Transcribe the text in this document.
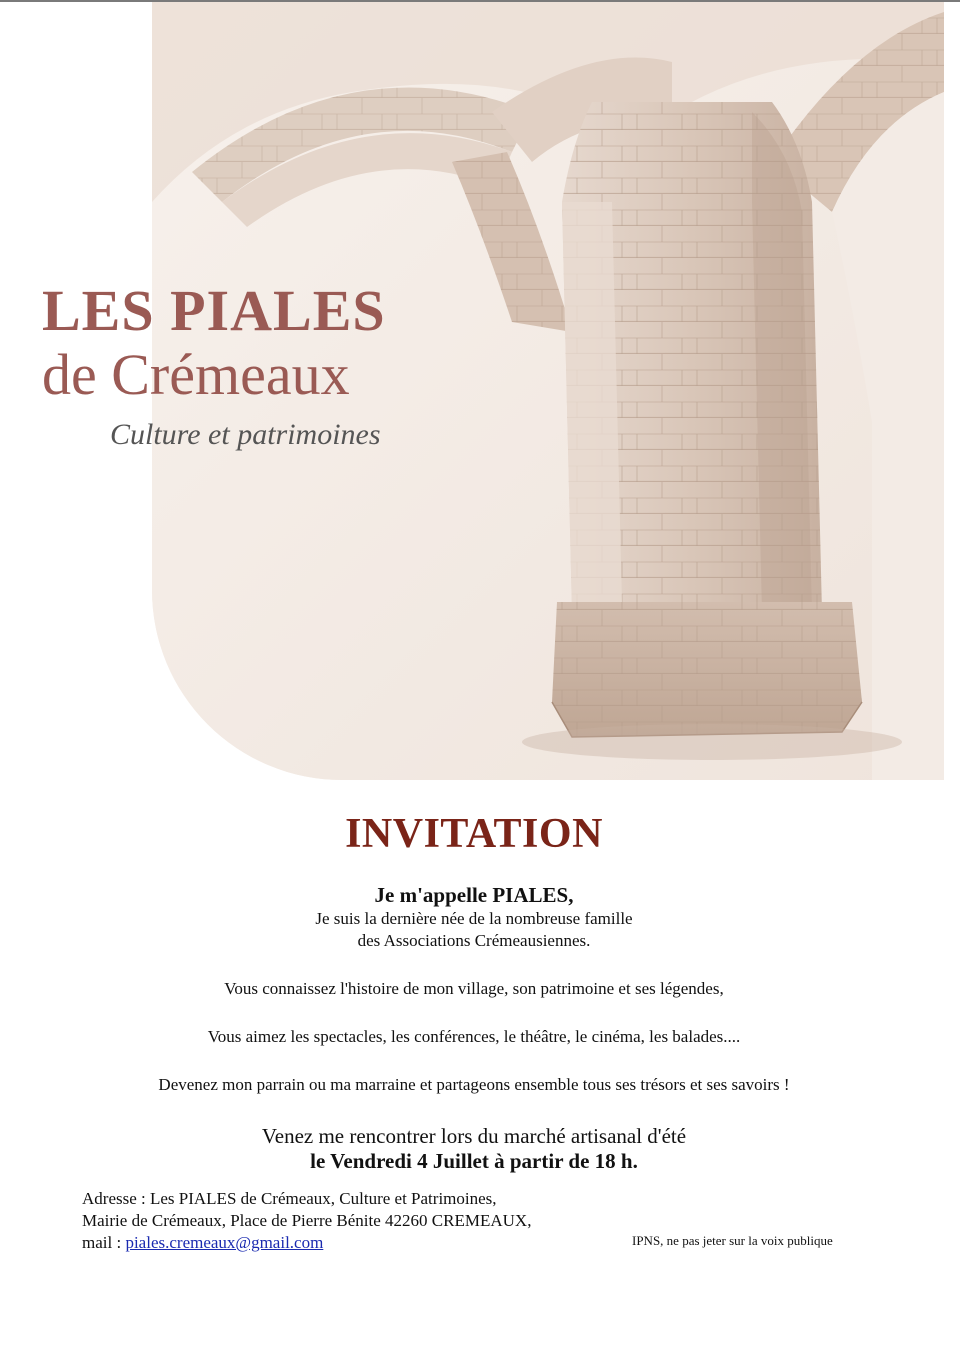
LES PIALES
de Crémeaux
Culture et patrimoines
INVITATION
Je m'appelle PIALES,
Je suis la dernière née de la nombreuse famille
des Associations Crémeausiennes.
Vous connaissez l'histoire de mon village, son patrimoine et ses légendes,
Vous aimez les spectacles, les conférences, le théâtre, le cinéma, les balades....
Devenez mon parrain ou ma marraine et partageons ensemble tous ses trésors et ses savoirs !
Venez me rencontrer lors du marché artisanal d'été
le Vendredi 4 Juillet à partir de 18 h.
Adresse : Les PIALES de Crémeaux, Culture et Patrimoines,
Mairie de Crémeaux, Place de Pierre Bénite 42260 CREMEAUX,
mail : piales.cremeaux@gmail.com	IPNS, ne pas jeter sur la voix publique
